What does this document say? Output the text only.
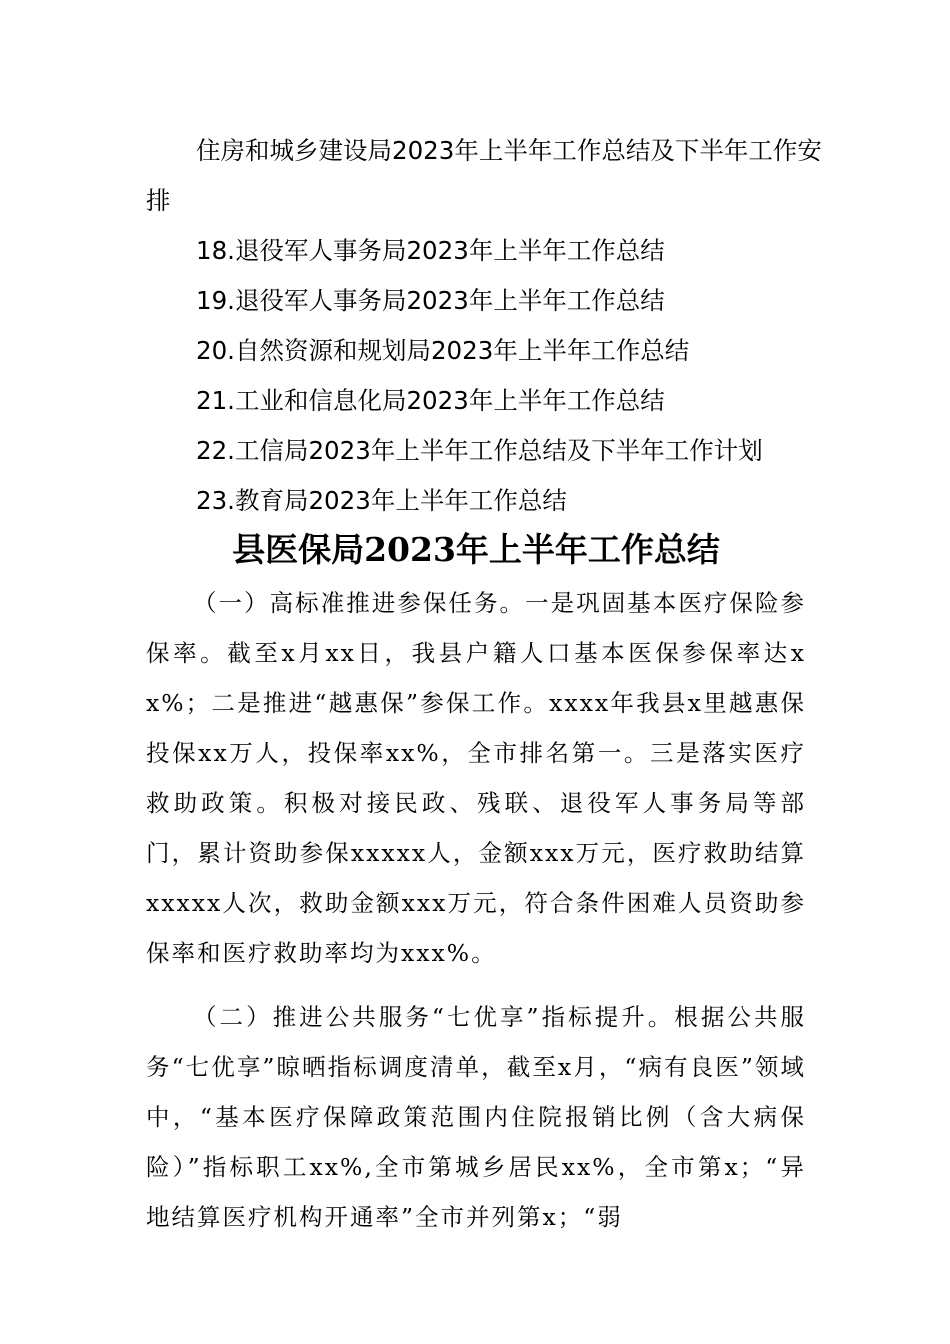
住房和城乡建设局2023年上半年工作总结及下半年工作安排

18.退役军人事务局2023年上半年工作总结

19.退役军人事务局2023年上半年工作总结

20.自然资源和规划局2023年上半年工作总结

21.工业和信息化局2023年上半年工作总结

22.工信局2023年上半年工作总结及下半年工作计划

23.教育局2023年上半年工作总结

县医保局2023年上半年工作总结

（一）高标准推进参保任务。一是巩固基本医疗保险参保率。截至x月xx日，我县户籍人口基本医保参保率达xx%；二是推进“越惠保”参保工作。xxxx年我县x里越惠保投保xx万人，投保率xx%，全市排名第一。三是落实医疗救助政策。积极对接民政、残联、退役军人事务局等部门，累计资助参保xxxxx人，金额xxx万元，医疗救助结算xxxxx人次，救助金额xxx万元，符合条件困难人员资助参保率和医疗救助率均为xxx%。

（二）推进公共服务“七优享”指标提升。根据公共服务“七优享”晾晒指标调度清单，截至x月，“病有良医”领域中，“基本医疗保障政策范围内住院报销比例（含大病保险）”指标职工xx%,全市第城乡居民xx%，全市第x；“异地结算医疗机构开通率”全市并列第x；“弱
